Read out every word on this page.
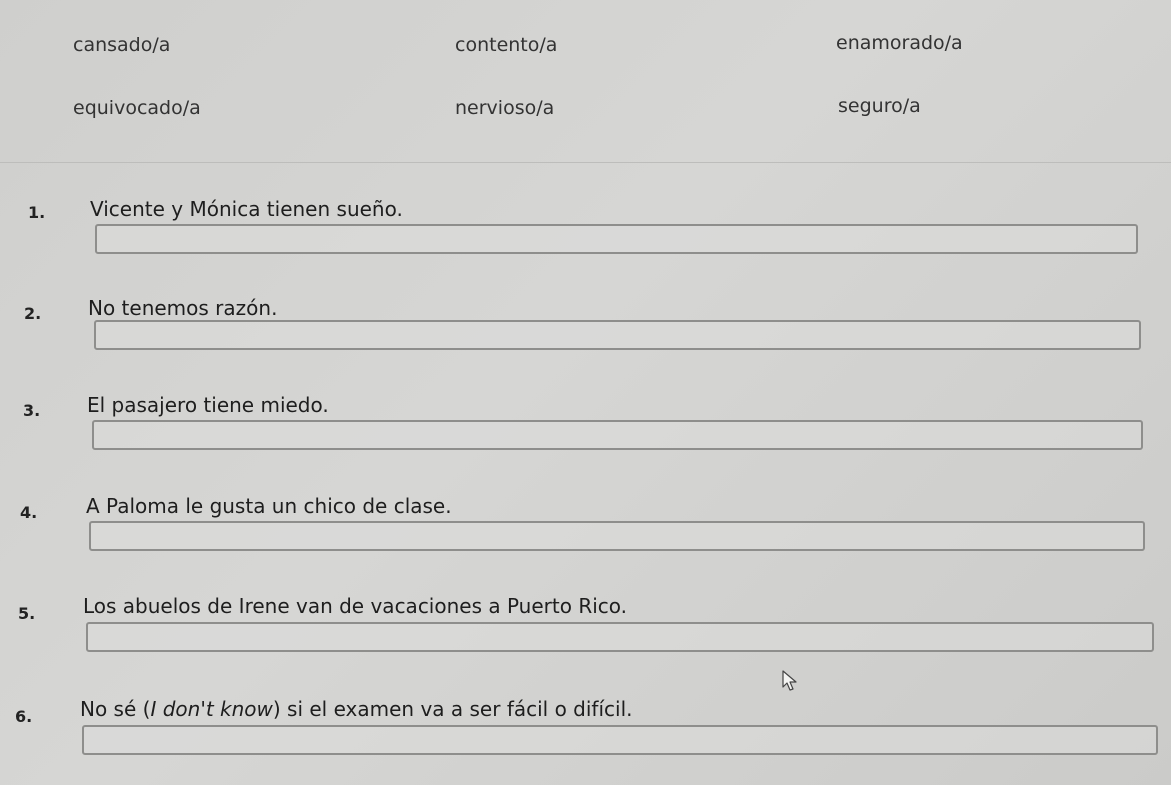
cansado/a	contento/a	enamorado/a
equivocado/a	nervioso/a	seguro/a
1. Vicente y Mónica tienen sueño.
2. No tenemos razón.
3. El pasajero tiene miedo.
4. A Paloma le gusta un chico de clase.
5. Los abuelos de Irene van de vacaciones a Puerto Rico.
6. No sé (I don't know) si el examen va a ser fácil o difícil.
